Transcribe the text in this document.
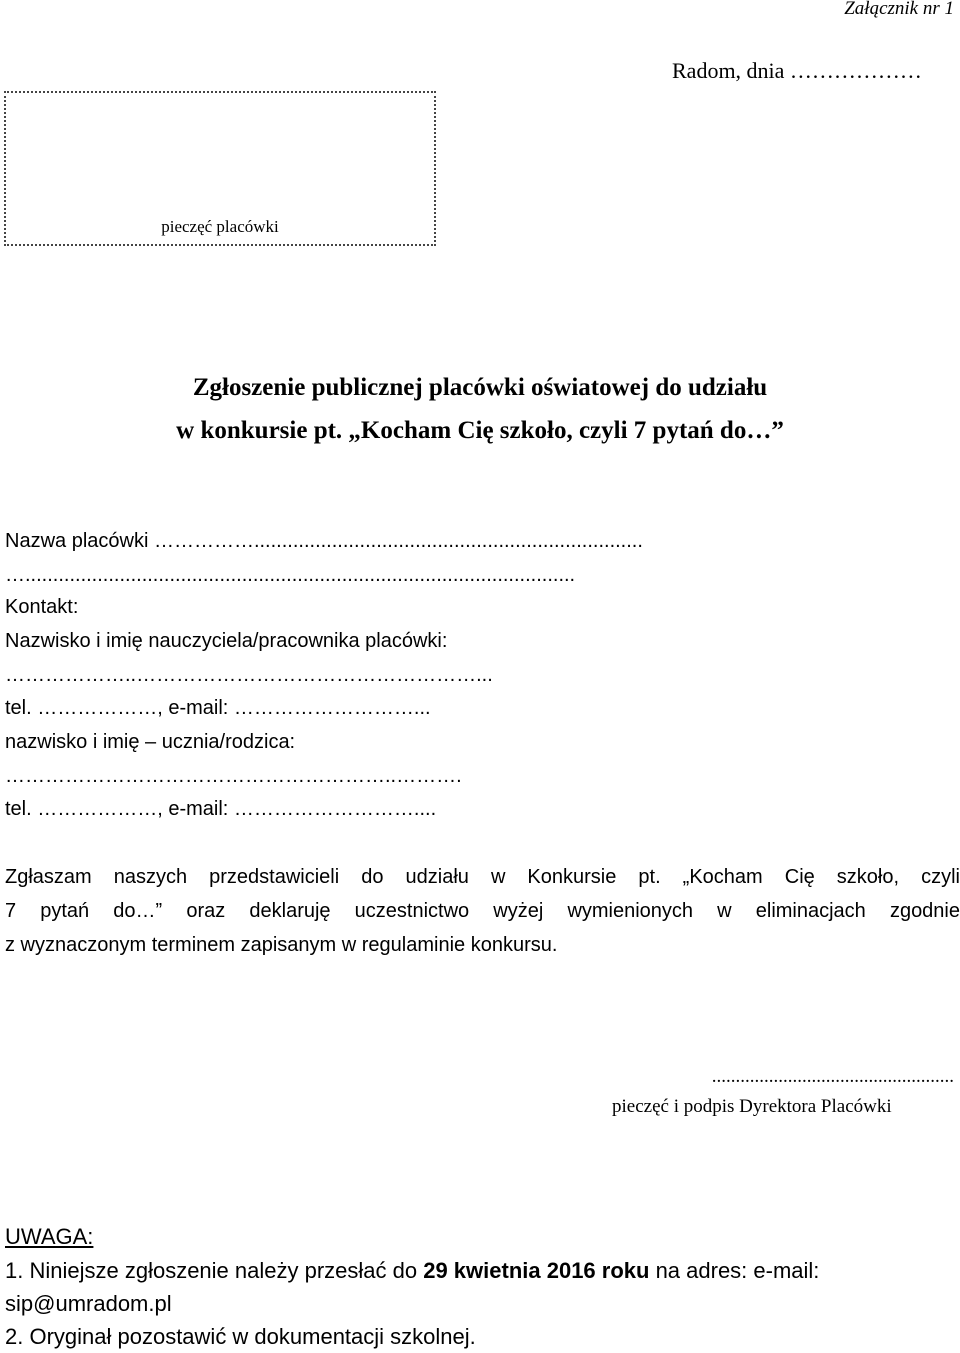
Załącznik nr 1
Radom, dnia ………………
pieczęć placówki
Zgłoszenie publicznej placówki oświatowej do udziału
w konkursie pt. „Kocham Cię szkoło, czyli 7 pytań do…”
Nazwa placówki ……………......................................................................
…...................................................................................................
Kontakt:
Nazwisko i imię nauczyciela/pracownika placówki:
………………..……………………………………………...
tel. ………………, e-mail: ………………………...
nazwisko i imię – ucznia/rodzica:
…………………………………………………..……….
tel. ………………, e-mail: ………………………....
Zgłaszam naszych przedstawicieli do udziału w Konkursie pt. „Kocham Cię szkoło, czyli
7 pytań do…” oraz deklaruję uczestnictwo wyżej wymienionych w eliminacjach zgodnie
z wyznaczonym terminem zapisanym w regulaminie konkursu.
...................................................
pieczęć i podpis Dyrektora Placówki
UWAGA:
1. Niniejsze zgłoszenie należy przesłać do 29 kwietnia 2016 roku na adres: e-mail:
sip@umradom.pl
2. Oryginał pozostawić w dokumentacji szkolnej.
